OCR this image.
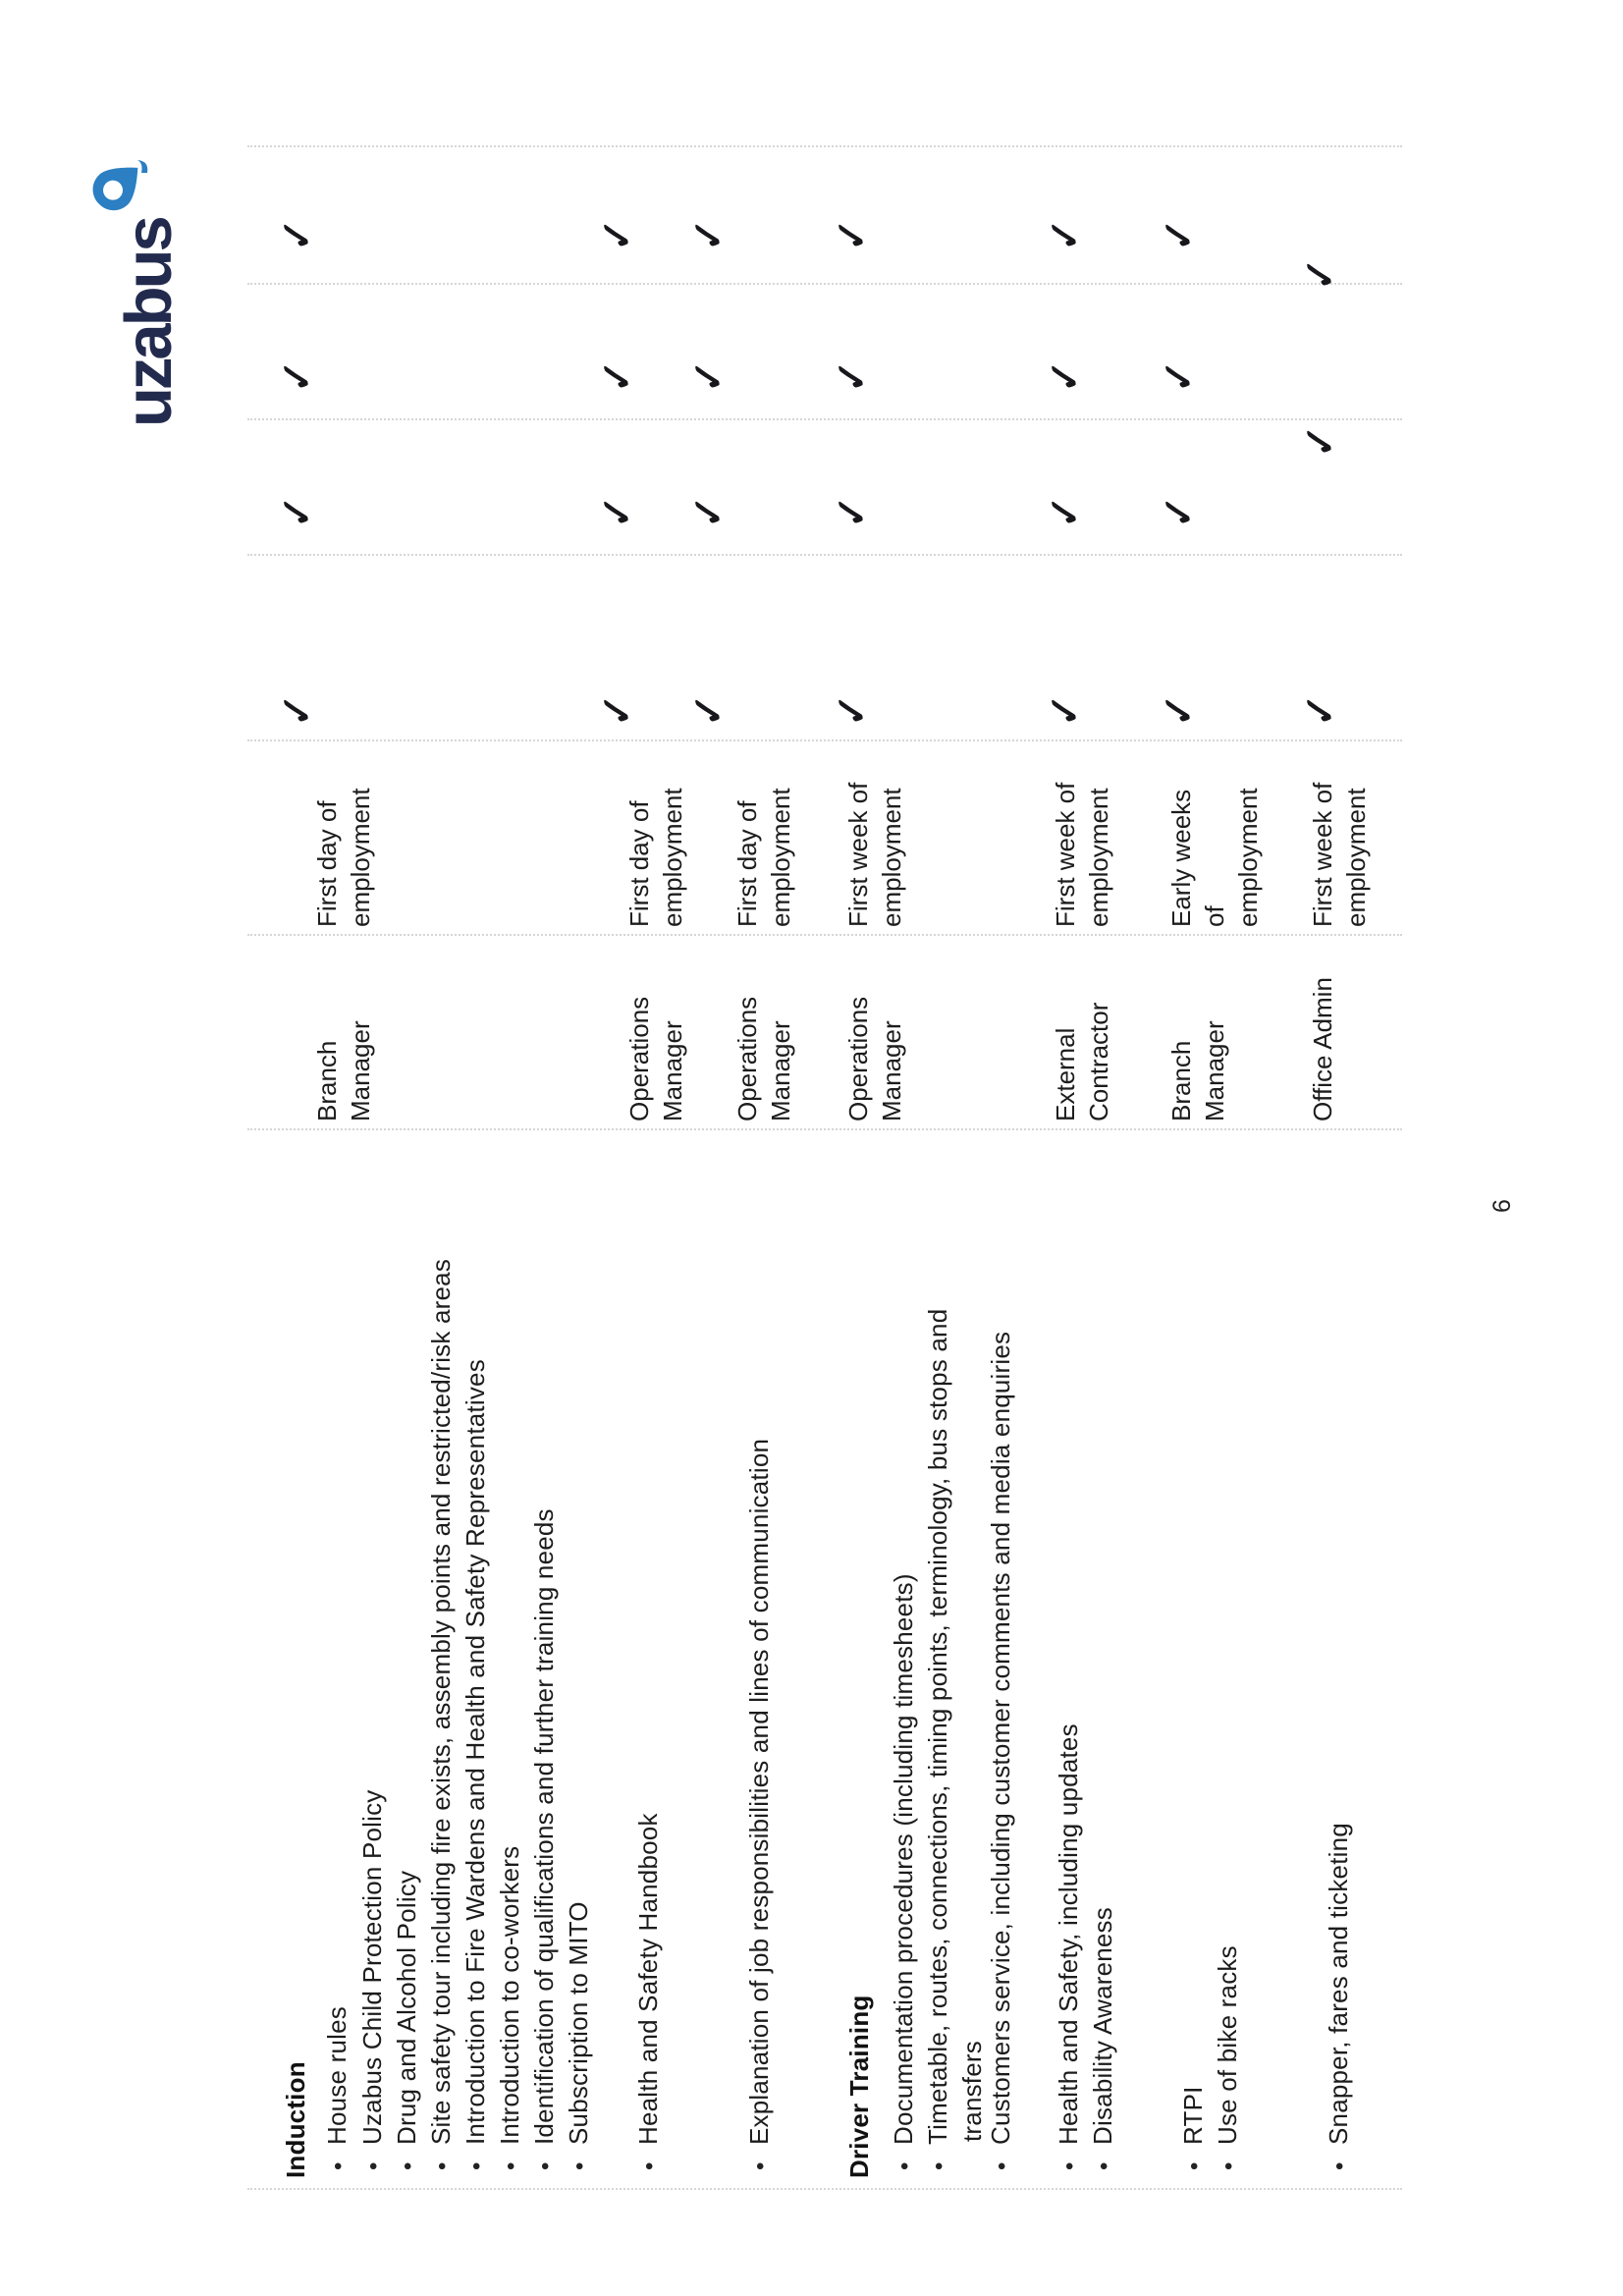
uzabus
Induction •House rules
•Uzabus Child Protection Policy
•Drug and Alcohol Policy
•Site safety tour including fire exists, assembly points and restricted/risk areas
•Introduction to Fire Wardens and Health and Safety Representatives
•Introduction to co-workers
•Identification of qualifications and further training needs
•Subscription to MITO
Branch Manager
First day of employment
✓
✓
✓
✓
•Health and Safety Handbook
Operations Manager
First day of employment
✓
✓
✓
✓
•Explanation of job responsibilities and lines of communication
Operations Manager
First day of employment
✓
✓
✓
✓
Driver Training •Documentation procedures (including timesheets)
•Timetable, routes, connections, timing points, terminology, bus stops and transfers
•Customers service, including customer comments and media enquiries
Operations Manager
First week of employment
✓
✓
✓
✓
•Health and Safety, including updates
•Disability Awareness
External Contractor
First week of employment
✓
✓
✓
✓
•RTPI
•Use of bike racks
Branch Manager
Early weeks of employment
✓
✓
✓
✓
•Snapper, fares and ticketing
Office Admin
First week of employment
✓
✓
✓
6
